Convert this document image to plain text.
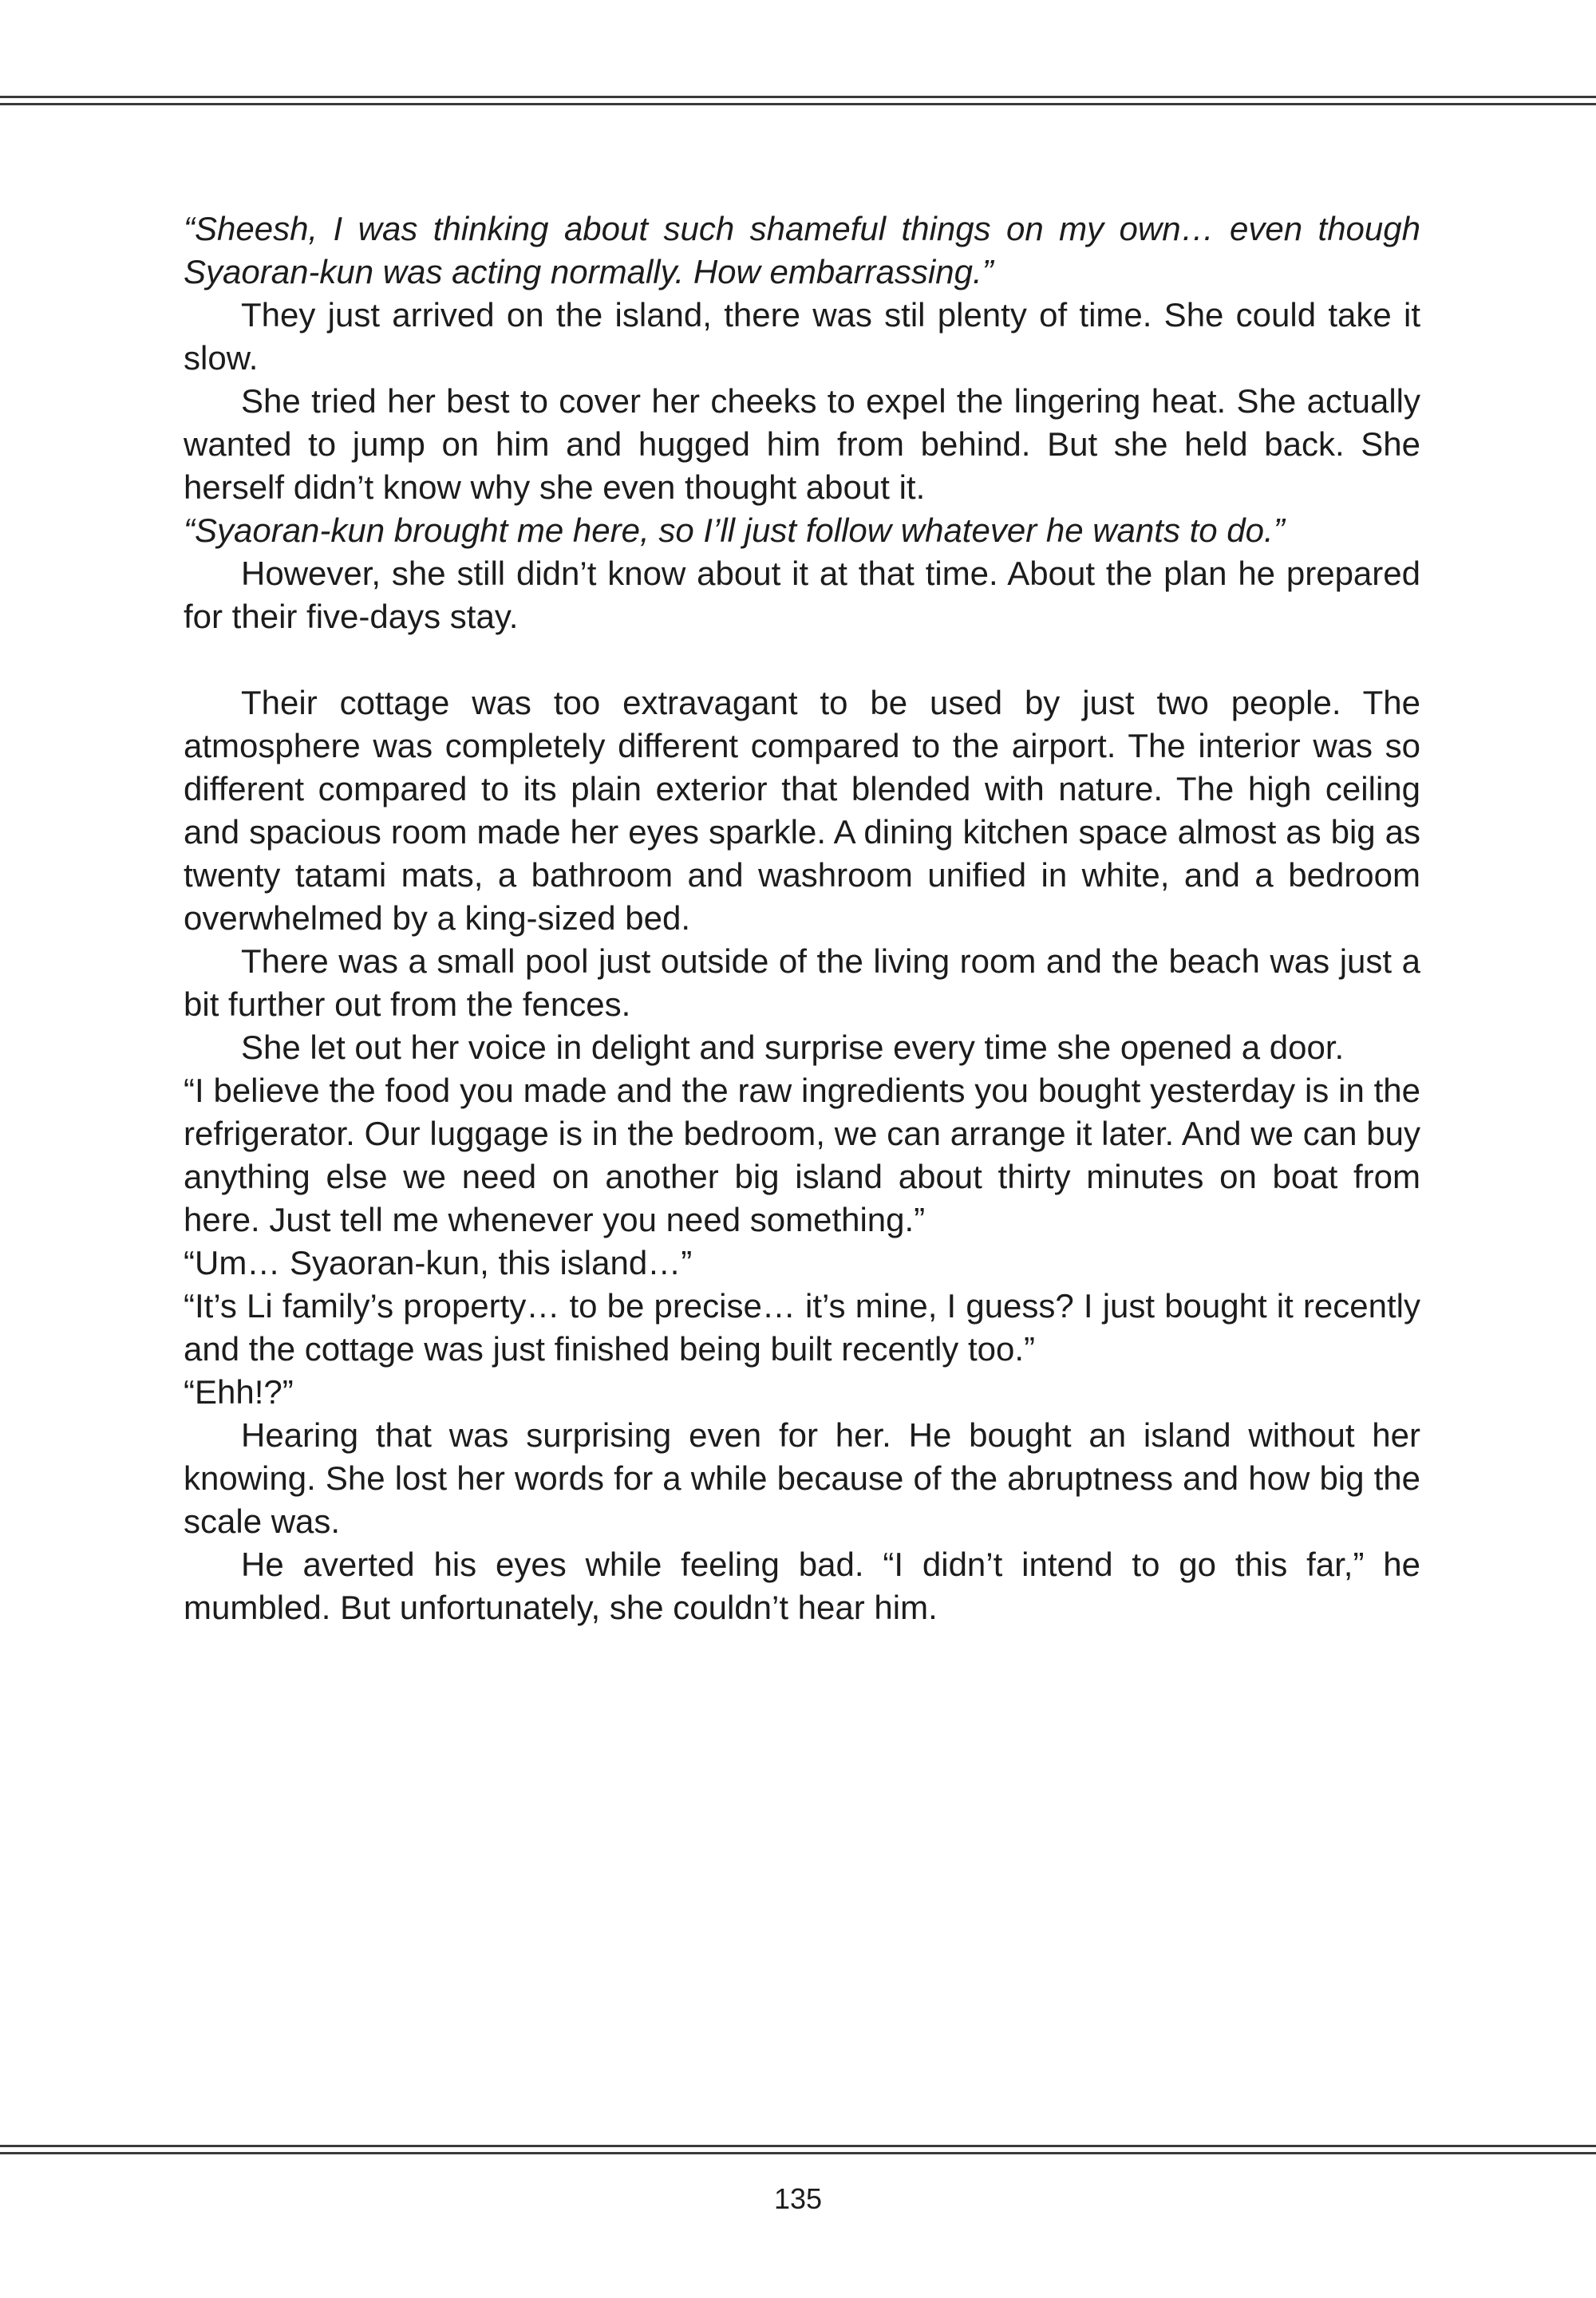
“Sheesh, I was thinking about such shameful things on my own… even though Syaoran-kun was acting normally. How embarrassing.”

They just arrived on the island, there was stil plenty of time. She could take it slow.

She tried her best to cover her cheeks to expel the lingering heat. She actually wanted to jump on him and hugged him from behind. But she held back. She herself didn’t know why she even thought about it.

“Syaoran-kun brought me here, so I’ll just follow whatever he wants to do.”

However, she still didn’t know about it at that time. About the plan he prepared for their five-days stay.

Their cottage was too extravagant to be used by just two people. The atmosphere was completely different compared to the airport. The interior was so different compared to its plain exterior that blended with nature. The high ceiling and spacious room made her eyes sparkle. A dining kitchen space almost as big as twenty tatami mats, a bathroom and washroom unified in white, and a bedroom overwhelmed by a king-sized bed.

There was a small pool just outside of the living room and the beach was just a bit further out from the fences.

She let out her voice in delight and surprise every time she opened a door.

“I believe the food you made and the raw ingredients you bought yesterday is in the refrigerator. Our luggage is in the bedroom, we can arrange it later. And we can buy anything else we need on another big island about thirty minutes on boat from here. Just tell me whenever you need something.”

“Um… Syaoran-kun, this island…”

“It’s Li family’s property… to be precise… it’s mine, I guess? I just bought it recently and the cottage was just finished being built recently too.”

“Ehh!?”

Hearing that was surprising even for her. He bought an island without her knowing. She lost her words for a while because of the abruptness and how big the scale was.

He averted his eyes while feeling bad. “I didn’t intend to go this far,” he mumbled. But unfortunately, she couldn’t hear him.

135
